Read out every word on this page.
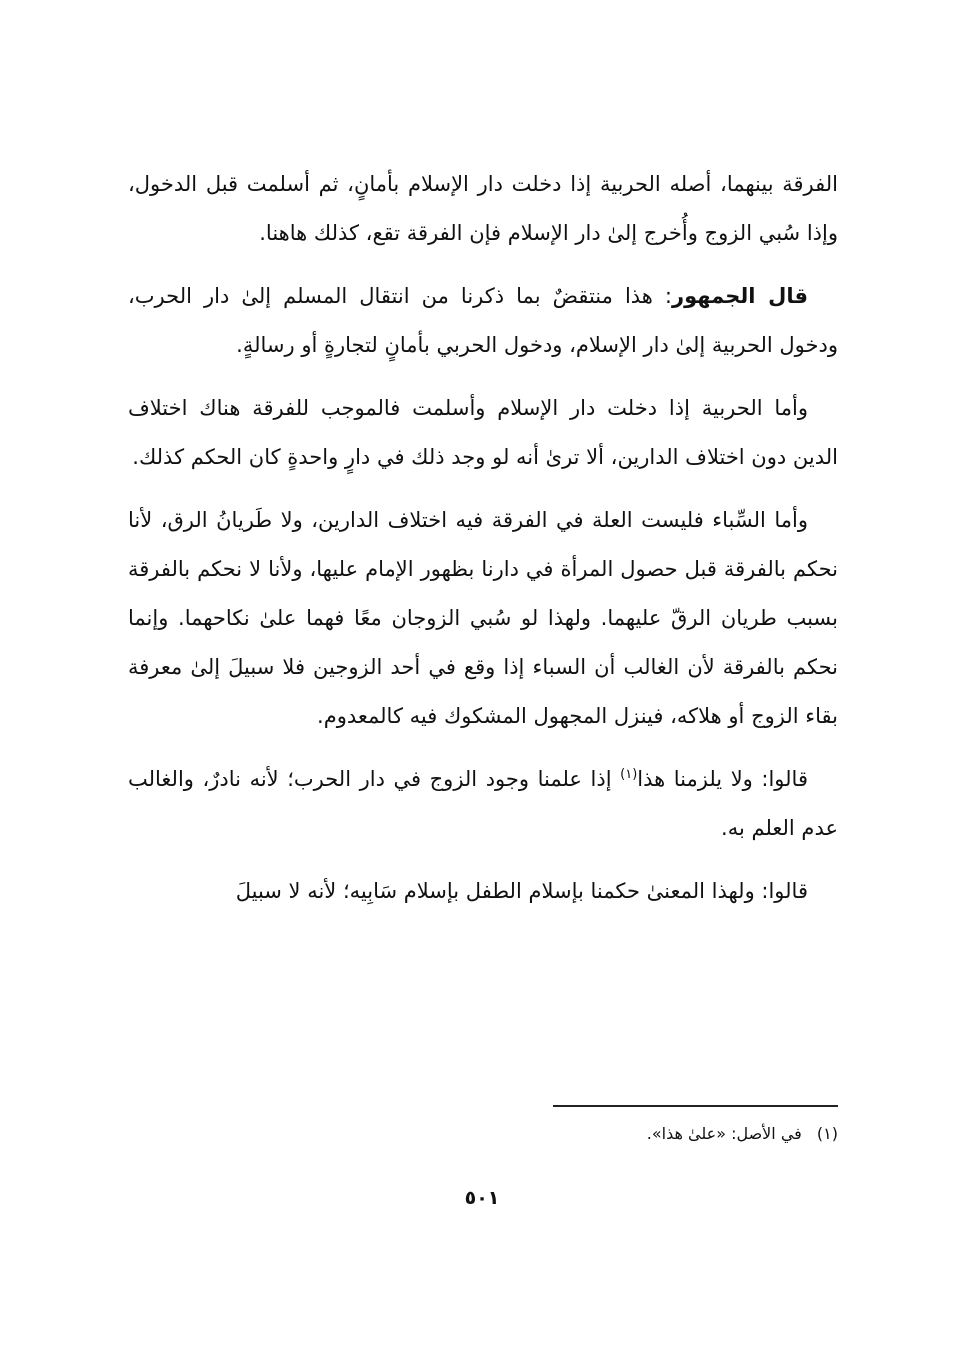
الفرقة بينهما، أصله الحربية إذا دخلت دار الإسلام بأمانٍ، ثم أسلمت قبل الدخول، وإذا سُبي الزوج وأُخرج إلىٰ دار الإسلام فإن الفرقة تقع، كذلك هاهنا.

قال الجمهور: هذا منتقضٌ بما ذكرنا من انتقال المسلم إلىٰ دار الحرب، ودخول الحربية إلىٰ دار الإسلام، ودخول الحربي بأمانٍ لتجارةٍ أو رسالةٍ.

وأما الحربية إذا دخلت دار الإسلام وأسلمت فالموجب للفرقة هناك اختلاف الدين دون اختلاف الدارين، ألا ترىٰ أنه لو وجد ذلك في دارٍ واحدةٍ كان الحكم كذلك.

وأما السِّباء فليست العلة في الفرقة فيه اختلاف الدارين، ولا طَريانُ الرق، لأنا نحكم بالفرقة قبل حصول المرأة في دارنا بظهور الإمام عليها، ولأنا لا نحكم بالفرقة بسبب طريان الرقّ عليهما. ولهذا لو سُبي الزوجان معًا فهما علىٰ نكاحهما. وإنما نحكم بالفرقة لأن الغالب أن السباء إذا وقع في أحد الزوجين فلا سبيلَ إلىٰ معرفة بقاء الزوج أو هلاكه، فينزل المجهول المشكوك فيه كالمعدوم.

قالوا: ولا يلزمنا هذا$^{(١)}$ إذا علمنا وجود الزوج في دار الحرب؛ لأنه نادرٌ، والغالب عدم العلم به.

قالوا: ولهذا المعنىٰ حكمنا بإسلام الطفل بإسلام سَابِيه؛ لأنه لا سبيلَ

(١) في الأصل: «علىٰ هذا».
٥٠١
